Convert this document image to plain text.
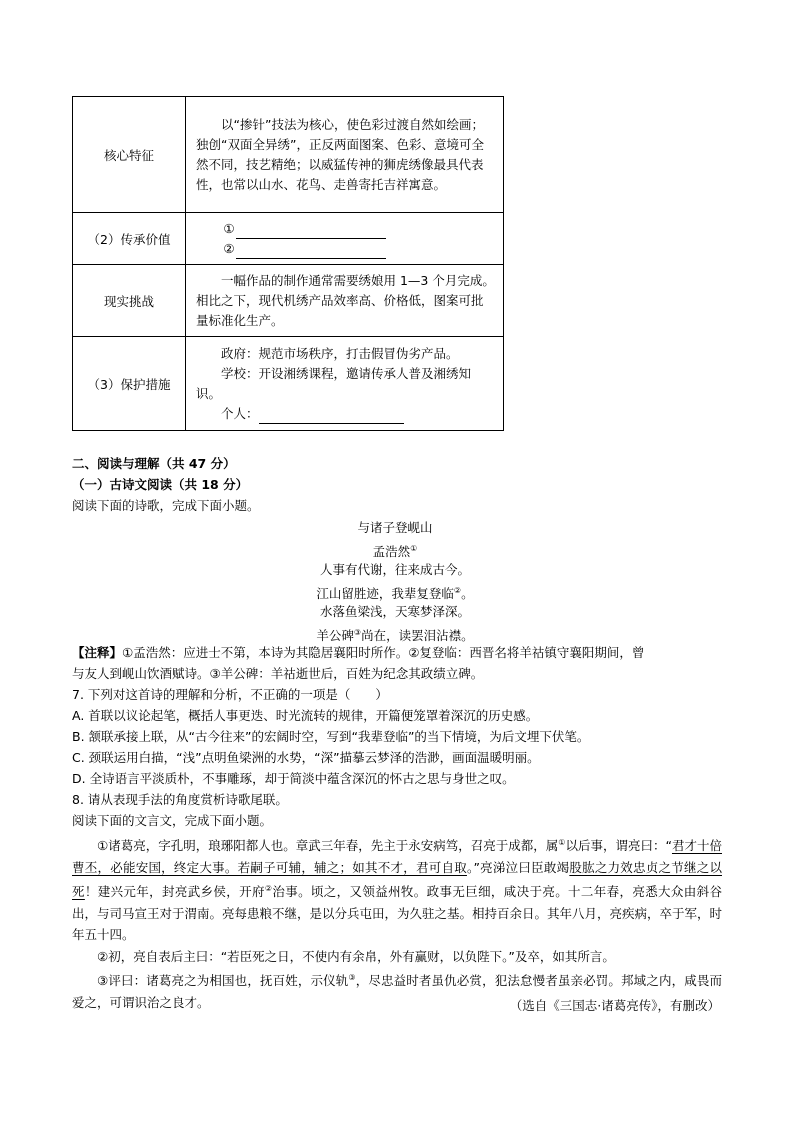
核心特征	以“掺针”技法为核心，使色彩过渡自然如绘画；独创“双面全异绣”，正反两面图案、色彩、意境可全然不同，技艺精绝；以威猛传神的狮虎绣像最具代表性，也常以山水、花鸟、走兽寄托吉祥寓意。

（2）传承价值	①
②

现实挑战	一幅作品的制作通常需要绣娘用 1—3 个月完成。相比之下，现代机绣产品效率高、价格低，图案可批量标准化生产。

（3）保护措施	政府：规范市场秩序，打击假冒伪劣产品。

学校：开设湘绣课程，邀请传承人普及湘绣知识。

个人：

二、阅读与理解（共 47 分）
（一）古诗文阅读（共 18 分）
阅读下面的诗歌，完成下面小题。
与诸子登岘山
孟浩然①
人事有代谢，往来成古今。
江山留胜迹，我辈复登临②。
水落鱼梁浅，天寒梦泽深。
羊公碑③尚在，读罢泪沾襟。
【注释】①孟浩然：应进士不第，本诗为其隐居襄阳时所作。②复登临：西晋名将羊祜镇守襄阳期间，曾
与友人到岘山饮酒赋诗。③羊公碑：羊祜逝世后，百姓为纪念其政绩立碑。
7. 下列对这首诗的理解和分析，不正确的一项是（　　）
A. 首联以议论起笔，概括人事更迭、时光流转的规律，开篇便笼罩着深沉的历史感。
B. 颔联承接上联，从“古今往来”的宏阔时空，写到“我辈登临”的当下情境，为后文埋下伏笔。
C. 颈联运用白描，“浅”点明鱼梁洲的水势，“深”描摹云梦泽的浩渺，画面温暖明丽。
D. 全诗语言平淡质朴，不事雕琢，却于简淡中蕴含深沉的怀古之思与身世之叹。
8. 请从表现手法的角度赏析诗歌尾联。
阅读下面的文言文，完成下面小题。

①诸葛亮，字孔明，琅琊阳都人也。章武三年春，先主于永安病笃，召亮于成都，属①以后事，谓亮曰：“君才十倍曹丕，必能安国，终定大事。若嗣子可辅，辅之；如其不才，君可自取。”亮涕泣曰臣敢竭股肱之力效忠贞之节继之以死！建兴元年，封亮武乡侯，开府②治事。顷之，又领益州牧。政事无巨细，咸决于亮。十二年春，亮悉大众由斜谷出，与司马宣王对于渭南。亮每患粮不继，是以分兵屯田，为久驻之基。相持百余日。其年八月，亮疾病，卒于军，时年五十四。

②初，亮自表后主曰：“若臣死之日，不使内有余帛，外有赢财，以负陛下。”及卒，如其所言。

③评曰：诸葛亮之为相国也，抚百姓，示仪轨③，尽忠益时者虽仇必赏，犯法怠慢者虽亲必罚。邦域之内，咸畏而爱之，可谓识治之良才。	（选自《三国志·诸葛亮传》，有删改）
